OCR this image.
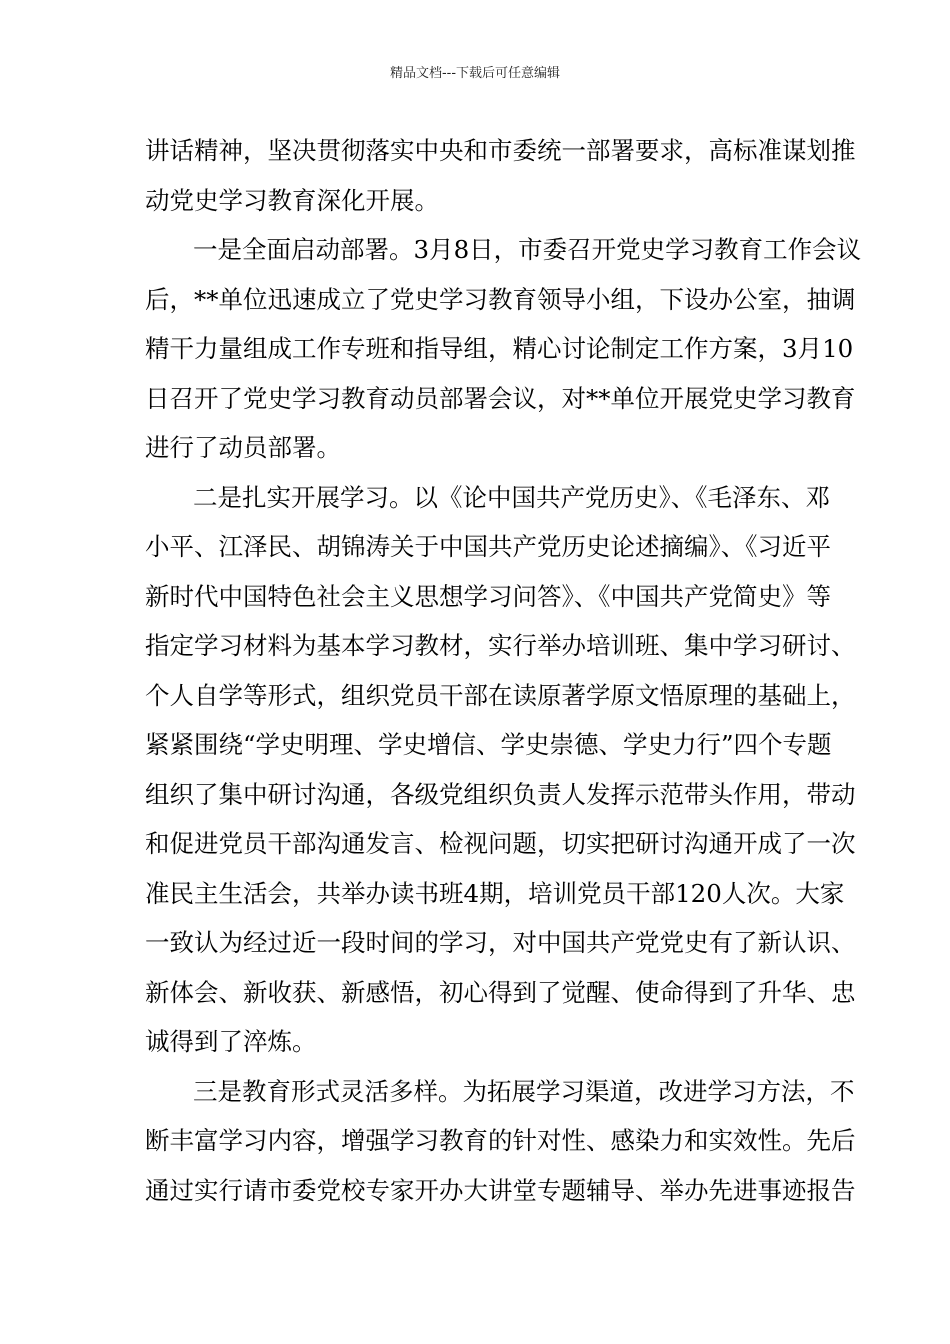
精品文档---下载后可任意编辑
讲话精神，坚决贯彻落实中央和市委统一部署要求，高标准谋划推
动党史学习教育深化开展。
一是全面启动部署。3月8日，市委召开党史学习教育工作会议
后，**单位迅速成立了党史学习教育领导小组，下设办公室，抽调
精干力量组成工作专班和指导组，精心讨论制定工作方案，3月10
日召开了党史学习教育动员部署会议，对**单位开展党史学习教育
进行了动员部署。
二是扎实开展学习。以《论中国共产党历史》、《毛泽东、邓
小平、江泽民、胡锦涛关于中国共产党历史论述摘编》、《习近平
新时代中国特色社会主义思想学习问答》、《中国共产党简史》等
指定学习材料为基本学习教材，实行举办培训班、集中学习研讨、
个人自学等形式，组织党员干部在读原著学原文悟原理的基础上，
紧紧围绕“学史明理、学史增信、学史崇德、学史力行”四个专题
组织了集中研讨沟通，各级党组织负责人发挥示范带头作用，带动
和促进党员干部沟通发言、检视问题，切实把研讨沟通开成了一次
准民主生活会，共举办读书班4期，培训党员干部120人次。大家
一致认为经过近一段时间的学习，对中国共产党党史有了新认识、
新体会、新收获、新感悟，初心得到了觉醒、使命得到了升华、忠
诚得到了淬炼。
三是教育形式灵活多样。为拓展学习渠道，改进学习方法，不
断丰富学习内容，增强学习教育的针对性、感染力和实效性。先后
通过实行请市委党校专家开办大讲堂专题辅导、举办先进事迹报告
